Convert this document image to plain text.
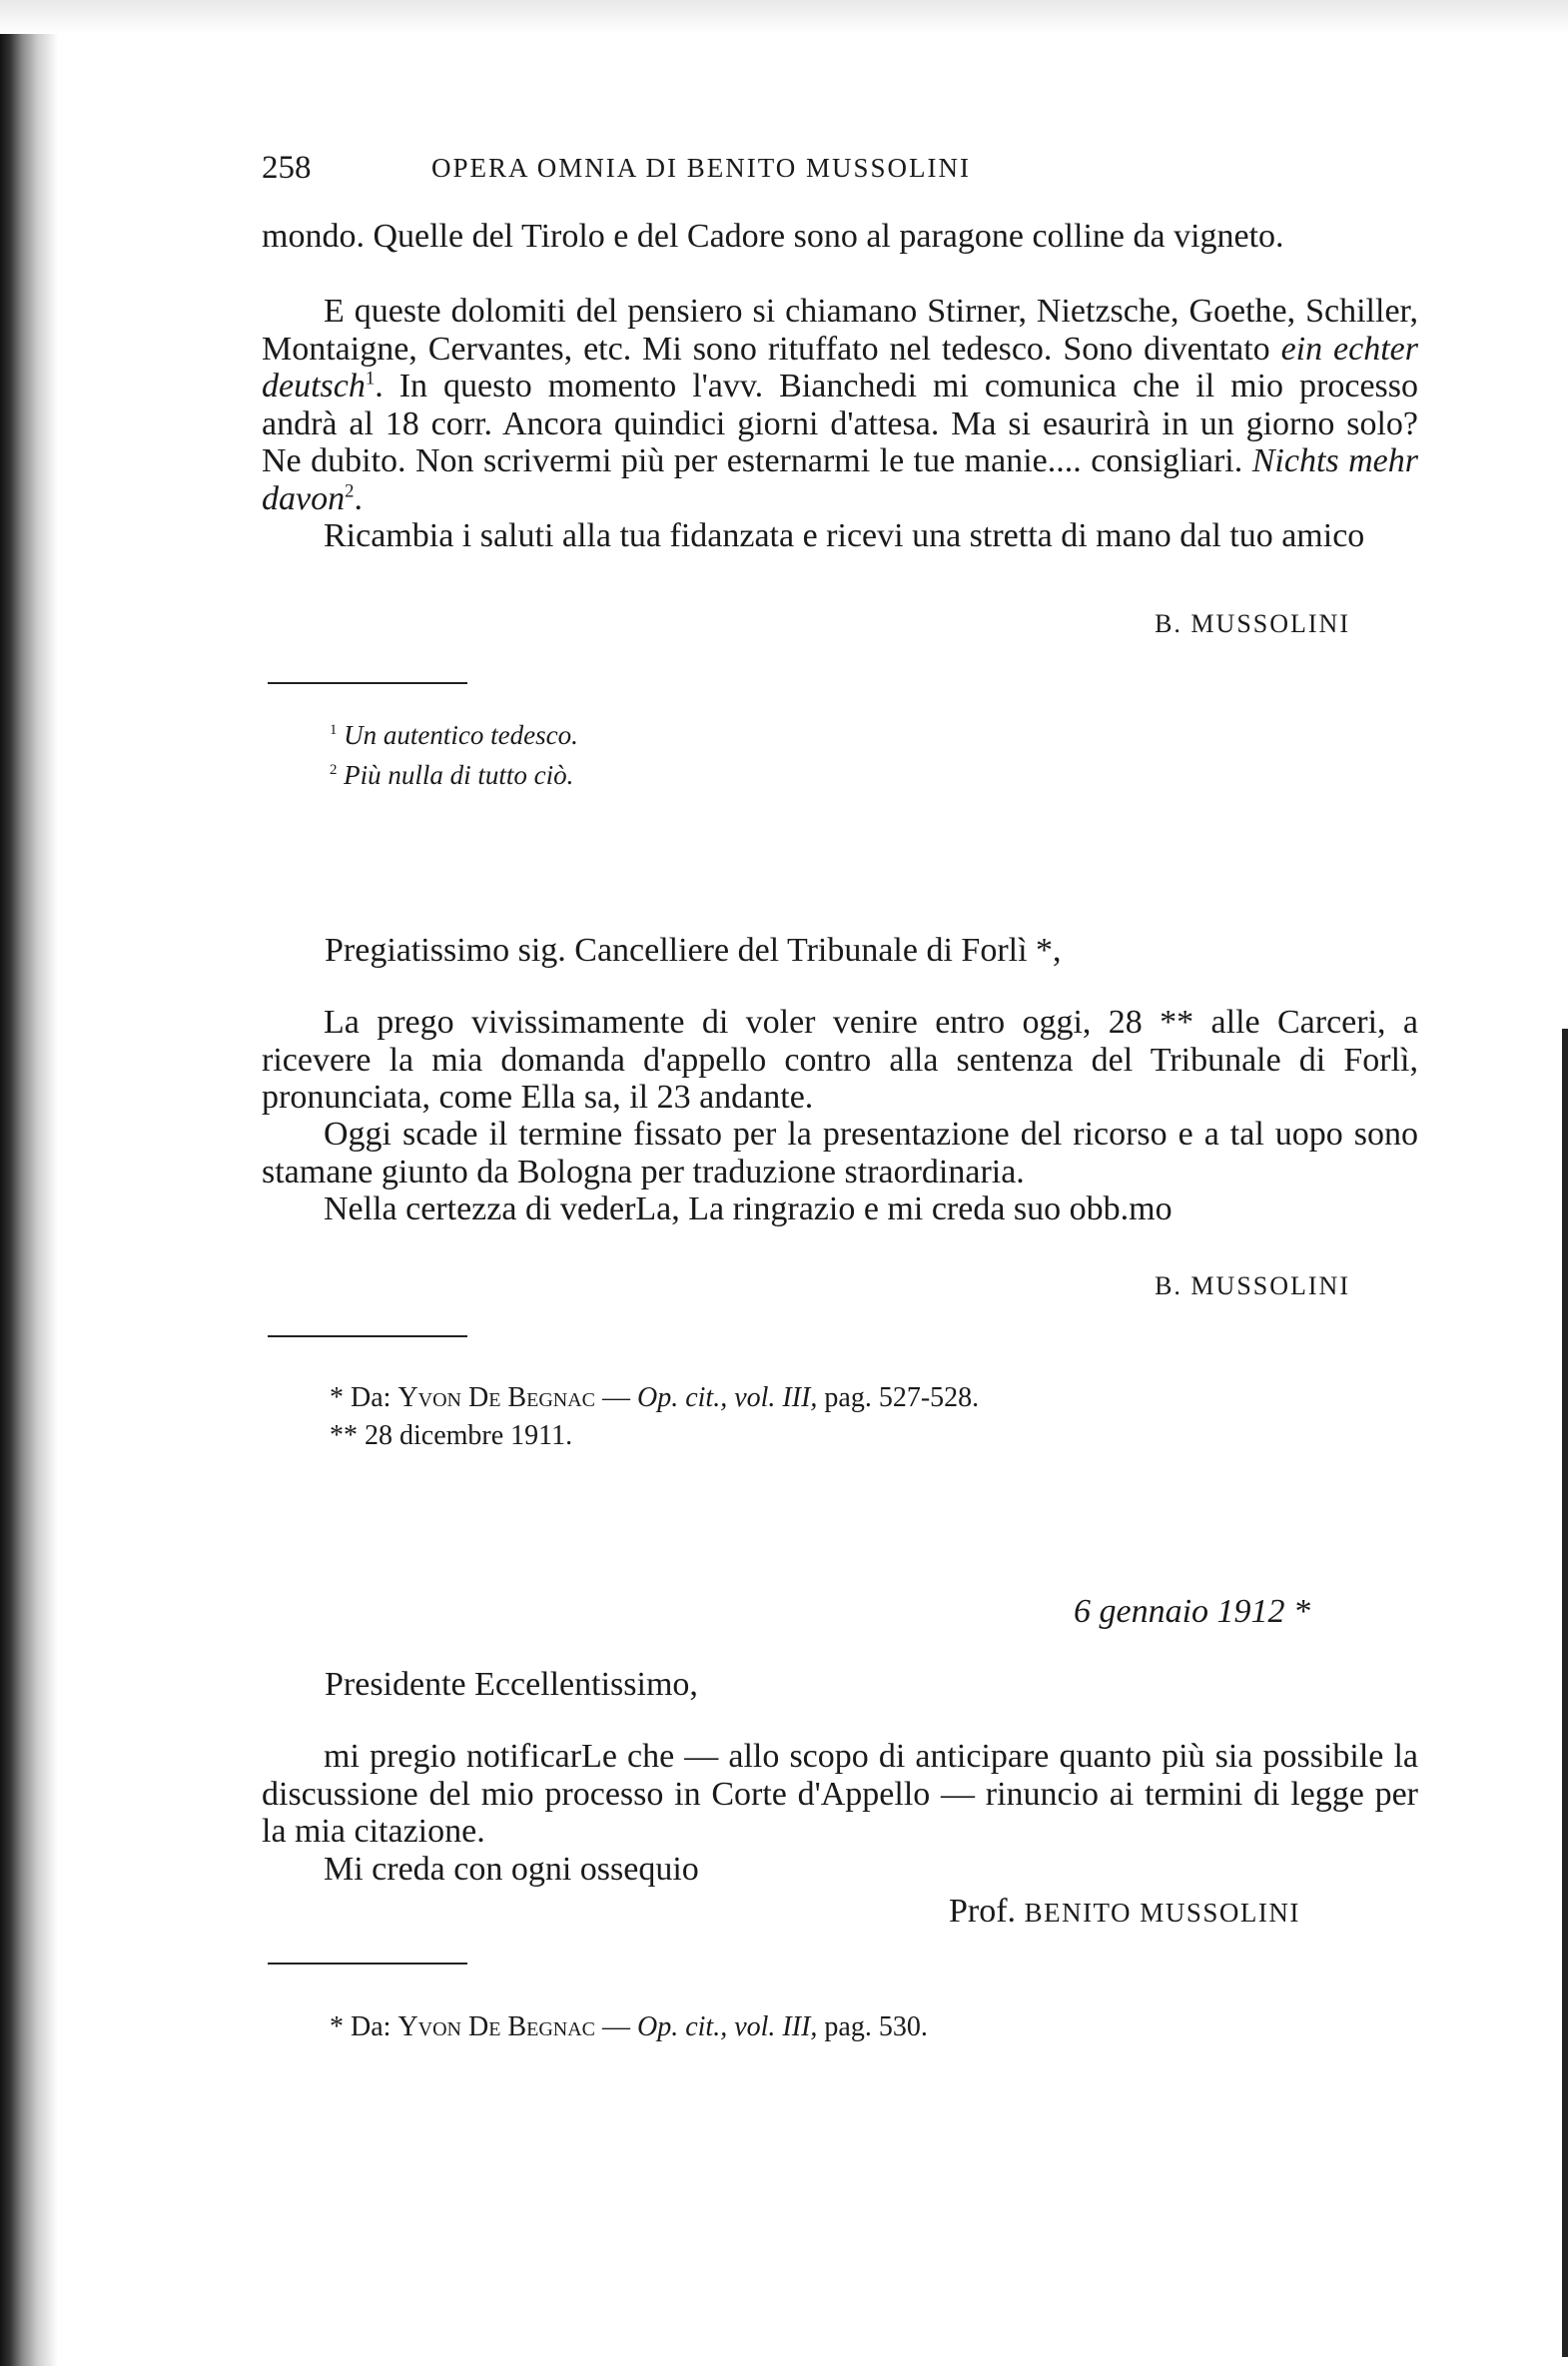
258	OPERA OMNIA DI BENITO MUSSOLINI
mondo. Quelle del Tirolo e del Cadore sono al paragone colline da vigneto.
E queste dolomiti del pensiero si chiamano Stirner, Nietzsche, Goethe, Schiller, Montaigne, Cervantes, etc. Mi sono rituffato nel tedesco. Sono diventato ein echter deutsch$^1$. In questo momento l'avv. Bianchedi mi comunica che il mio processo andrà al 18 corr. Ancora quindici giorni d'attesa. Ma si esaurirà in un giorno solo? Ne dubito. Non scrivermi più per esternarmi le tue manie.... consigliari. Nichts mehr davon$^2$.
Ricambia i saluti alla tua fidanzata e ricevi una stretta di mano dal tuo amico
B. MUSSOLINI
$^1$ Un autentico tedesco.
$^2$ Più nulla di tutto ciò.
Pregiatissimo sig. Cancelliere del Tribunale di Forlì *,
La prego vivissimamente di voler venire entro oggi, 28 ** alle Carceri, a ricevere la mia domanda d'appello contro alla sentenza del Tribunale di Forlì, pronunciata, come Ella sa, il 23 andante.
Oggi scade il termine fissato per la presentazione del ricorso e a tal uopo sono stamane giunto da Bologna per traduzione straordinaria.
Nella certezza di vederLa, La ringrazio e mi creda suo obb.mo
B. MUSSOLINI
* Da: Yvon De Begnac — Op. cit., vol. III, pag. 527-528.
** 28 dicembre 1911.
6 gennaio 1912 *
Presidente Eccellentissimo,
mi pregio notificarLe che — allo scopo di anticipare quanto più sia possibile la discussione del mio processo in Corte d'Appello — rinuncio ai termini di legge per la mia citazione.
Mi creda con ogni ossequio
Prof. BENITO MUSSOLINI
* Da: Yvon De Begnac — Op. cit., vol. III, pag. 530.
